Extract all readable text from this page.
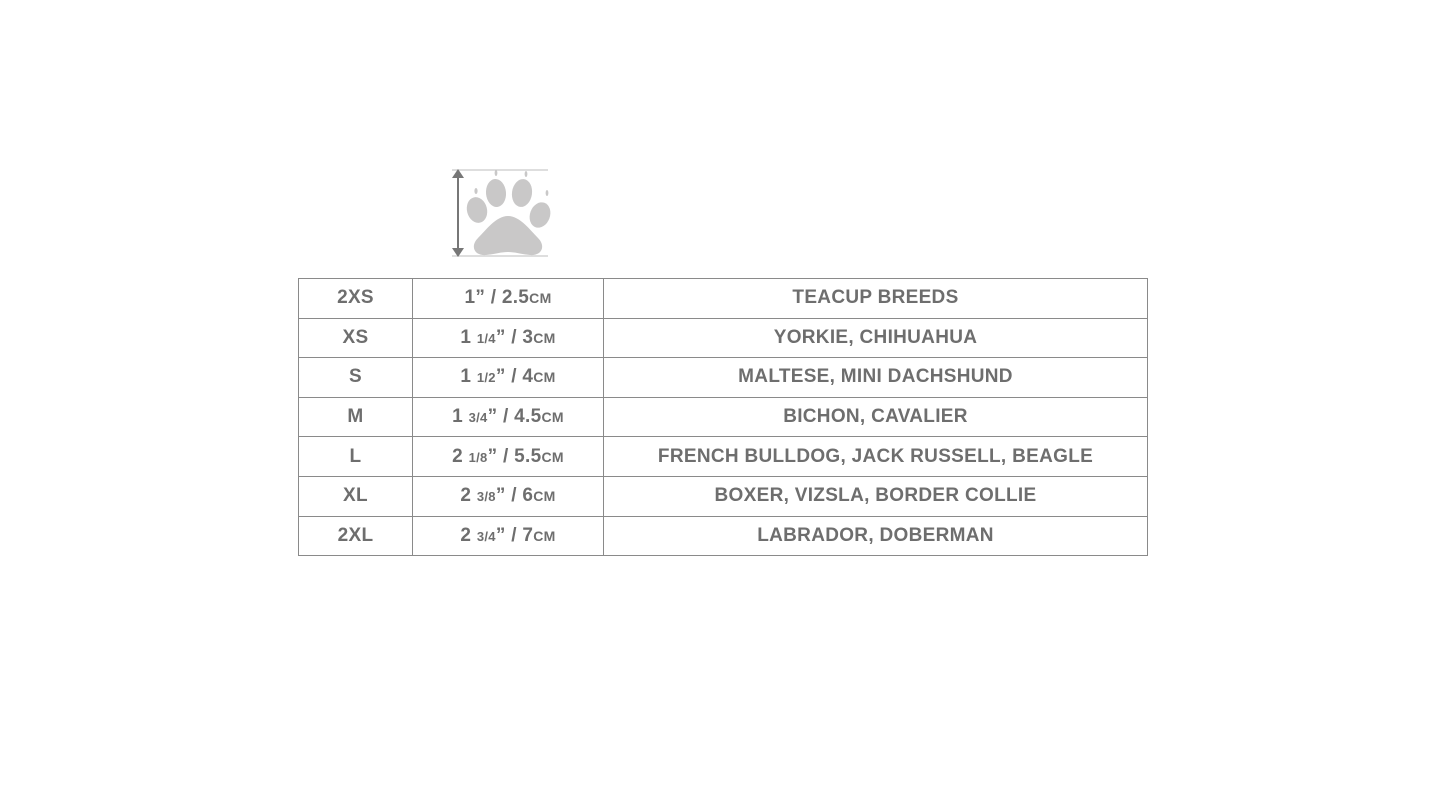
2XS	1” / 2.5CM	TEACUP BREEDS
XS	1 1/4” / 3CM	YORKIE, CHIHUAHUA
S	1 1/2” / 4CM	MALTESE, MINI DACHSHUND
M	1 3/4” / 4.5CM	BICHON, CAVALIER
L	2 1/8” / 5.5CM	FRENCH BULLDOG, JACK RUSSELL, BEAGLE
XL	2 3/8” / 6CM	BOXER, VIZSLA, BORDER COLLIE
2XL	2 3/4” / 7CM	LABRADOR, DOBERMAN
